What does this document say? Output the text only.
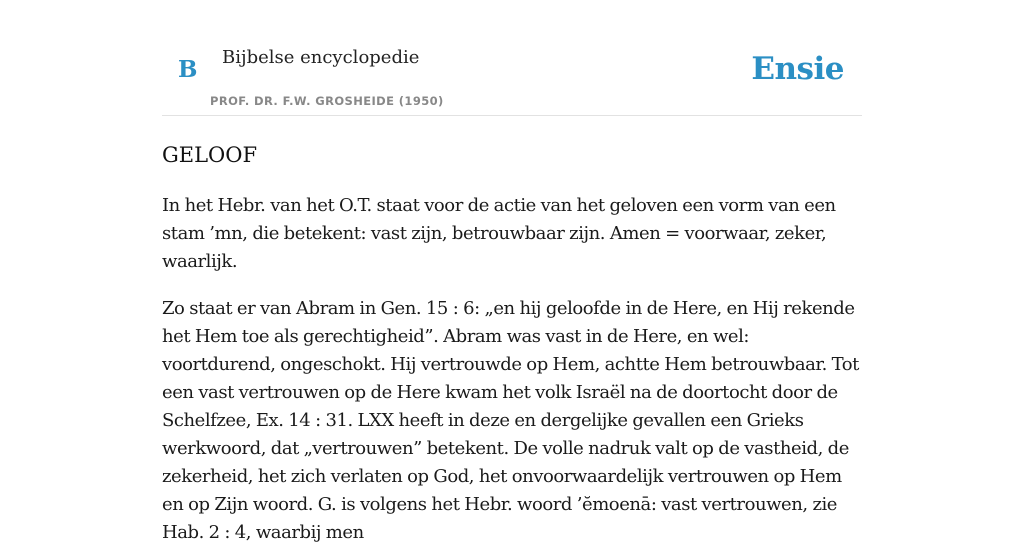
B Bijbelse encyclopedie
PROF. DR. F.W. GROSHEIDE (1950)
Ensie
GELOOF

In het Hebr. van het O.T. staat voor de actie van het geloven een vorm van een stam ’mn, die betekent: vast zijn, betrouwbaar zijn. Amen = voorwaar, zeker, waarlijk.

Zo staat er van Abram in Gen. 15 : 6: „en hij geloofde in de Here, en Hij rekende het Hem toe als gerechtigheid”. Abram was vast in de Here, en wel: voortdurend, ongeschokt. Hij vertrouwde op Hem, achtte Hem betrouwbaar. Tot een vast vertrouwen op de Here kwam het volk Israël na de doortocht door de Schelfzee, Ex. 14 : 31. LXX heeft in deze en dergelijke gevallen een Grieks werkwoord, dat „vertrouwen” betekent. De volle nadruk valt op de vastheid, de zekerheid, het zich verlaten op God, het onvoorwaardelijk vertrouwen op Hem en op Zijn woord. G. is volgens het Hebr. woord ’ĕmoenā: vast vertrouwen, zie Hab. 2 : 4, waarbij men
